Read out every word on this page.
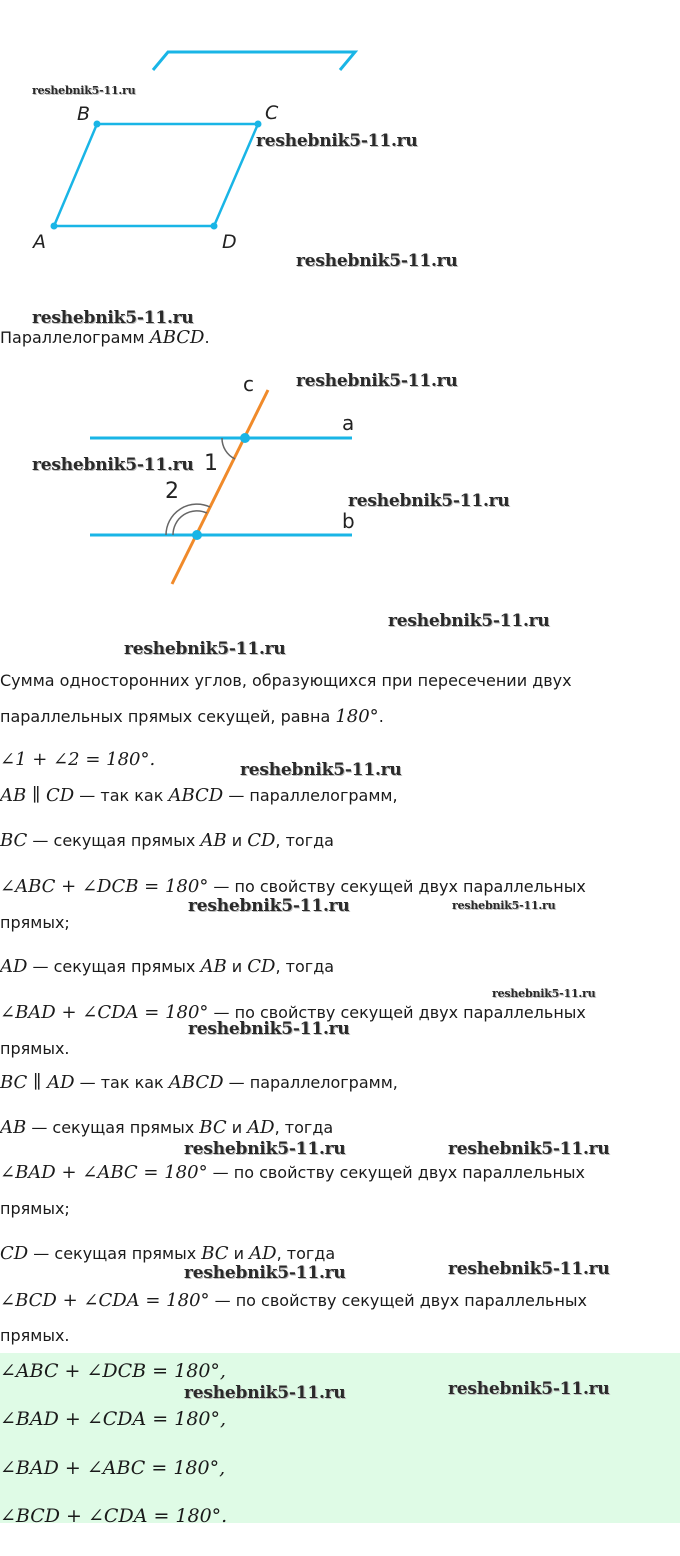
B	C
A	D
Параллелограмм ABCD.
c
a
b
1
2
Сумма односторонних углов, образующихся при пересечении двух
параллельных прямых секущей, равна 180°.
∠1 + ∠2 = 180°.
AB ∥ CD — так как ABCD — параллелограмм,
BC — секущая прямых AB и CD, тогда
∠ABC + ∠DCB = 180° — по свойству секущей двух параллельных
прямых;
AD — секущая прямых AB и CD, тогда
∠BAD + ∠CDA = 180° — по свойству секущей двух параллельных
прямых.
BC ∥ AD — так как ABCD — параллелограмм,
AB — секущая прямых BC и AD, тогда
∠BAD + ∠ABC = 180° — по свойству секущей двух параллельных
прямых;
CD — секущая прямых BC и AD, тогда
∠BCD + ∠CDA = 180° — по свойству секущей двух параллельных
прямых.
∠ABC + ∠DCB = 180°,
∠BAD + ∠CDA = 180°,
∠BAD + ∠ABC = 180°,
∠BCD + ∠CDA = 180°.
reshebnik5-11.ru
reshebnik5-11.ru
reshebnik5-11.ru
reshebnik5-11.ru
reshebnik5-11.ru
reshebnik5-11.ru
reshebnik5-11.ru
reshebnik5-11.ru
reshebnik5-11.ru
reshebnik5-11.ru
reshebnik5-11.ru	reshebnik5-11.ru
reshebnik5-11.ru
reshebnik5-11.ru
reshebnik5-11.ru	reshebnik5-11.ru
reshebnik5-11.ru	reshebnik5-11.ru
reshebnik5-11.ru	reshebnik5-11.ru
